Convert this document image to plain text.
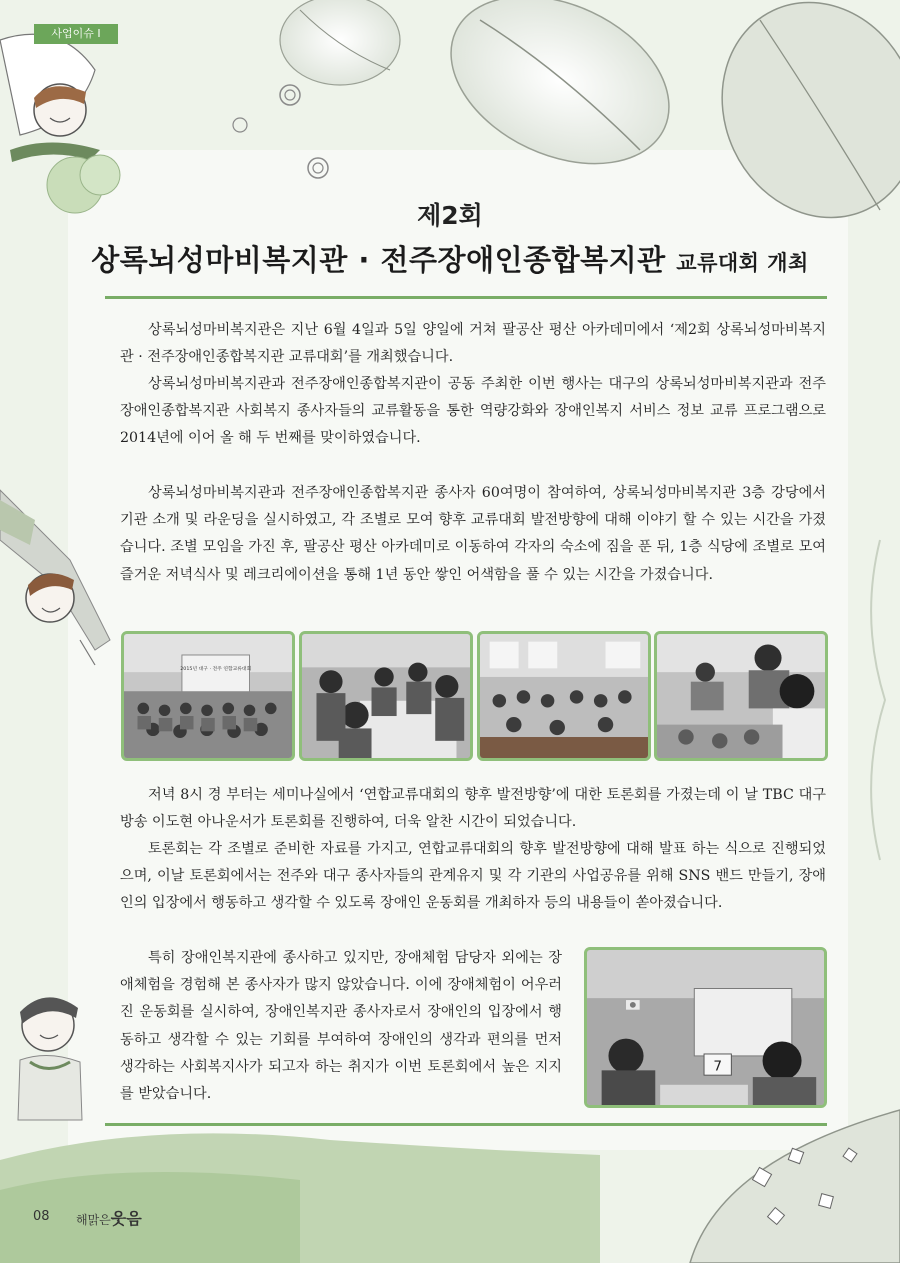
사업이슈 I
제2회
상록뇌성마비복지관 · 전주장애인종합복지관 교류대회 개최

상록뇌성마비복지관은 지난 6월 4일과 5일 양일에 거쳐 팔공산 평산 아카데미에서 ‘제2회 상록뇌성마비복지관 · 전주장애인종합복지관 교류대회’를 개최했습니다.

상록뇌성마비복지관과 전주장애인종합복지관이 공동 주최한 이번 행사는 대구의 상록뇌성마비복지관과 전주장애인종합복지관 사회복지 종사자들의 교류활동을 통한 역량강화와 장애인복지 서비스 정보 교류 프로그램으로 2014년에 이어 올 해 두 번째를 맞이하였습니다.

상록뇌성마비복지관과 전주장애인종합복지관 종사자 60여명이 참여하여, 상록뇌성마비복지관 3층 강당에서 기관 소개 및 라운딩을 실시하였고, 각 조별로 모여 향후 교류대회 발전방향에 대해 이야기 할 수 있는 시간을 가졌습니다. 조별 모임을 가진 후, 팔공산 평산 아카데미로 이동하여 각자의 숙소에 짐을 푼 뒤, 1층 식당에 조별로 모여 즐거운 저녁식사 및 레크리에이션을 통해 1년 동안 쌓인 어색함을 풀 수 있는 시간을 가졌습니다.

2015년 대구 · 전주 연합교류대회

저녁 8시 경 부터는 세미나실에서 ‘연합교류대회의 향후 발전방향’에 대한 토론회를 가졌는데 이 날 TBC 대구방송 이도현 아나운서가 토론회를 진행하여, 더욱 알찬 시간이 되었습니다.

토론회는 각 조별로 준비한 자료를 가지고, 연합교류대회의 향후 발전방향에 대해 발표 하는 식으로 진행되었으며, 이날 토론회에서는 전주와 대구 종사자들의 관계유지 및 각 기관의 사업공유를 위해 SNS 밴드 만들기, 장애인의 입장에서 행동하고 생각할 수 있도록 장애인 운동회를 개최하자 등의 내용들이 쏟아졌습니다.

특히 장애인복지관에 종사하고 있지만, 장애체험 담당자 외에는 장애체험을 경험해 본 종사자가 많지 않았습니다. 이에 장애체험이 어우러진 운동회를 실시하여, 장애인복지관 종사자로서 장애인의 입장에서 행동하고 생각할 수 있는 기회를 부여하여 장애인의 생각과 편의를 먼저 생각하는 사회복지사가 되고자 하는 취지가 이번 토론회에서 높은 지지를 받았습니다.

7
08 해맑은웃음
